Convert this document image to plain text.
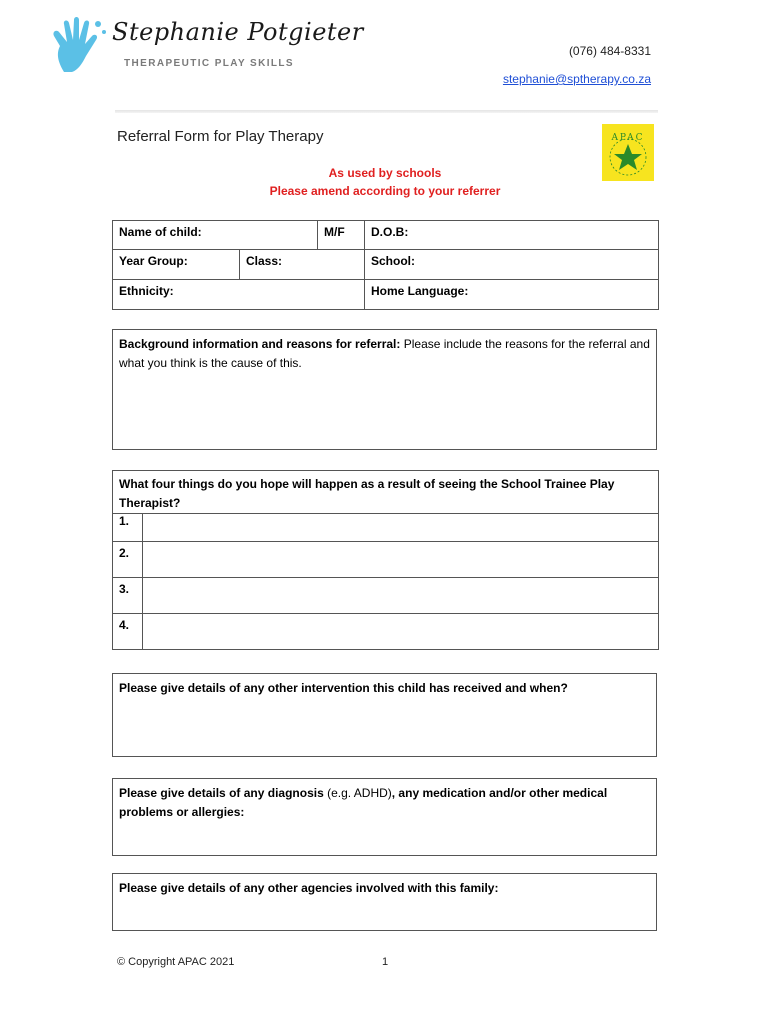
Stephanie Potgieter
THERAPEUTIC PLAY SKILLS
(076) 484-8331
stephanie@sptherapy.co.za
Referral Form for Play Therapy	APAC
As used by schools
Please amend according to your referrer
Name of child:		M/F	D.O.B:
Year Group:	Class:		School:
Ethnicity:			Home Language:
Background information and reasons for referral: Please include the reasons for the referral and what you think is the cause of this.
What four things do you hope will happen as a result of seeing the School Trainee Play Therapist?	
1.	
2.	
3.	
4.	
Please give details of any other intervention this child has received and when?
Please give details of any diagnosis (e.g. ADHD), any medication and/or other medical problems or allergies:
Please give details of any other agencies involved with this family:
© Copyright APAC 2021	1
